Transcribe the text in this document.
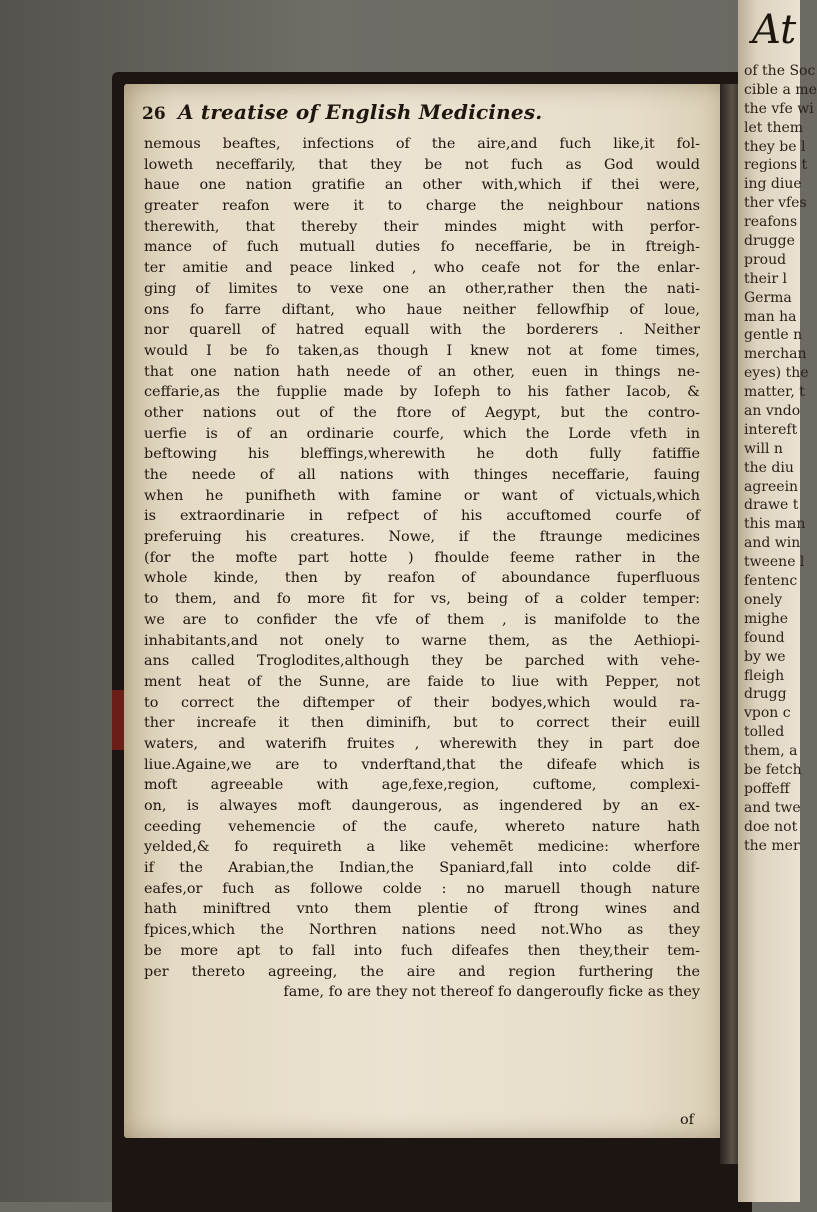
At
of the Soc
cible a me
the vfe wi
let them
they be l
regions t
ing diue
ther vfes
reafons
drugge
proud
their l
Germa
man ha
gentle n
merchan
eyes) the
matter, t
an vndo
intereft
will n
the diu
agreein
drawe t
this man
and win
tweene l
fentenc
onely
mighe
found
by we
fleigh
drugg
vpon c
tolled
them, a
be fetch
poffeff
and twe
doe not
the mer
26 A treatise of English Medicines.
nemous beaftes, infections of the aire,and fuch like,it fol-
loweth neceffarily, that they be not fuch as God would
haue one nation gratifie an other with,which if thei were,
greater reafon were it to charge the neighbour nations
therewith, that thereby their mindes might with perfor-
mance of fuch mutuall duties fo neceffarie, be in ftreigh-
ter amitie and peace linked , who ceafe not for the enlar-
ging of limites to vexe one an other,rather then the nati-
ons fo farre diftant, who haue neither fellowfhip of loue,
nor quarell of hatred equall with the borderers . Neither
would I be fo taken,as though I knew not at fome times,
that one nation hath neede of an other, euen in things ne-
ceffarie,as the fupplie made by Iofeph to his father Iacob, &
other nations out of the ftore of Aegypt, but the contro-
uerfie is of an ordinarie courfe, which the Lorde vfeth in
beftowing his bleffings,wherewith he doth fully fatiffie
the neede of all nations with thinges neceffarie, fauing
when he punifheth with famine or want of victuals,which
is extraordinarie in refpect of his accuftomed courfe of
preferuing his creatures. Nowe, if the ftraunge medicines
(for the mofte part hotte ) fhoulde feeme rather in the
whole kinde, then by reafon of aboundance fuperfluous
to them, and fo more fit for vs, being of a colder temper:
we are to confider the vfe of them , is manifolde to the
inhabitants,and not onely to warne them, as the Aethiopi-
ans called Troglodites,although they be parched with vehe-
ment heat of the Sunne, are faide to liue with Pepper, not
to correct the diftemper of their bodyes,which would ra-
ther increafe it then diminifh, but to correct their euill
waters, and waterifh fruites , wherewith they in part doe
liue.Againe,we are to vnderftand,that the difeafe which is
moft agreeable with age,fexe,region, cuftome, complexi-
on, is alwayes moft daungerous, as ingendered by an ex-
ceeding vehemencie of the caufe, whereto nature hath
yelded,& fo requireth a like vehemēt medicine: wherfore
if the Arabian,the Indian,the Spaniard,fall into colde dif-
eafes,or fuch as followe colde : no maruell though nature
hath miniftred vnto them plentie of ftrong wines and
fpices,which the Northren nations need not.Who as they
be more apt to fall into fuch difeafes then they,their tem-
per thereto agreeing, the aire and region furthering the
fame, fo are they not thereof fo dangeroufly ficke as they
of
